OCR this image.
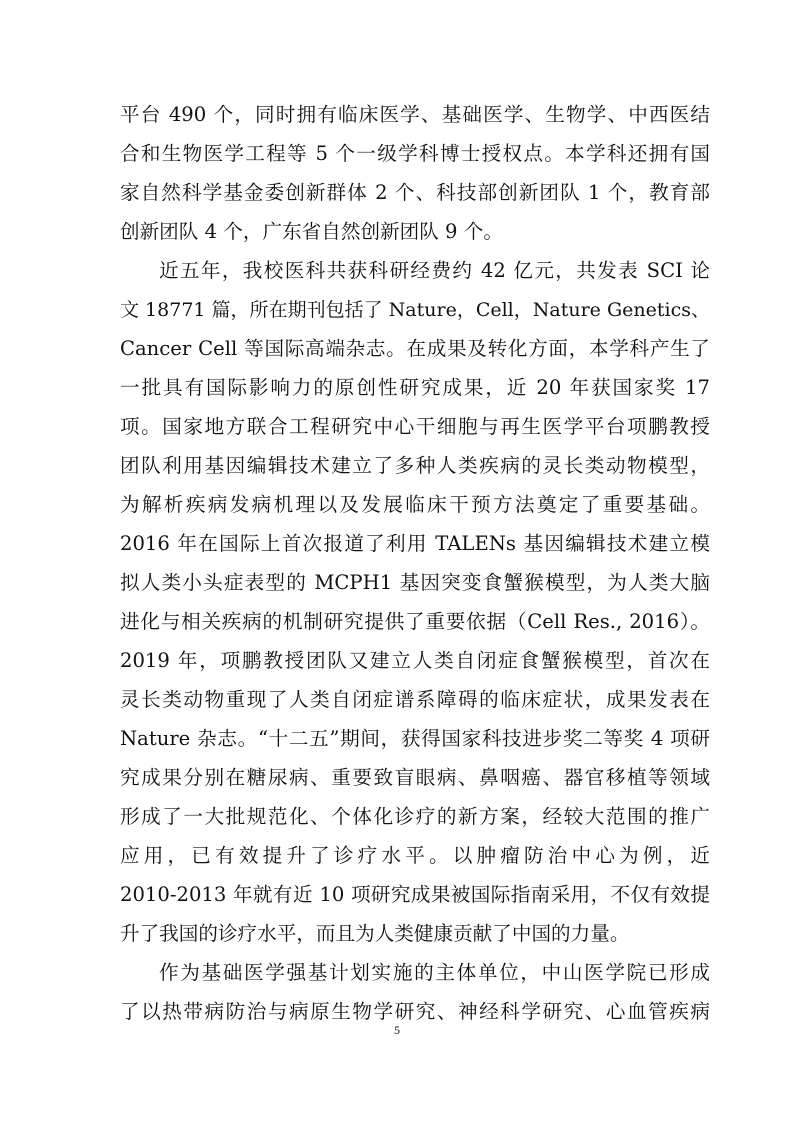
平台 490 个，同时拥有临床医学、基础医学、生物学、中西医结
合和生物医学工程等 5 个一级学科博士授权点。本学科还拥有国
家自然科学基金委创新群体 2 个、科技部创新团队 1 个，教育部
创新团队 4 个，广东省自然创新团队 9 个。
近五年，我校医科共获科研经费约 42 亿元，共发表 SCI 论
文 18771 篇，所在期刊包括了 Nature，Cell，Nature Genetics、
Cancer Cell 等国际高端杂志。在成果及转化方面，本学科产生了
一批具有国际影响力的原创性研究成果，近 20 年获国家奖 17
项。国家地方联合工程研究中心干细胞与再生医学平台项鹏教授
团队利用基因编辑技术建立了多种人类疾病的灵长类动物模型，
为解析疾病发病机理以及发展临床干预方法奠定了重要基础。
2016 年在国际上首次报道了利用 TALENs 基因编辑技术建立模
拟人类小头症表型的 MCPH1 基因突变食蟹猴模型，为人类大脑
进化与相关疾病的机制研究提供了重要依据（Cell Res., 2016）。
2019 年，项鹏教授团队又建立人类自闭症食蟹猴模型，首次在
灵长类动物重现了人类自闭症谱系障碍的临床症状，成果发表在
Nature 杂志。“十二五”期间，获得国家科技进步奖二等奖 4 项研
究成果分别在糖尿病、重要致盲眼病、鼻咽癌、器官移植等领域
形成了一大批规范化、个体化诊疗的新方案，经较大范围的推广
应用，已有效提升了诊疗水平。以肿瘤防治中心为例，近
2010-2013 年就有近 10 项研究成果被国际指南采用，不仅有效提
升了我国的诊疗水平，而且为人类健康贡献了中国的力量。
作为基础医学强基计划实施的主体单位，中山医学院已形成
了以热带病防治与病原生物学研究、神经科学研究、心血管疾病
5
